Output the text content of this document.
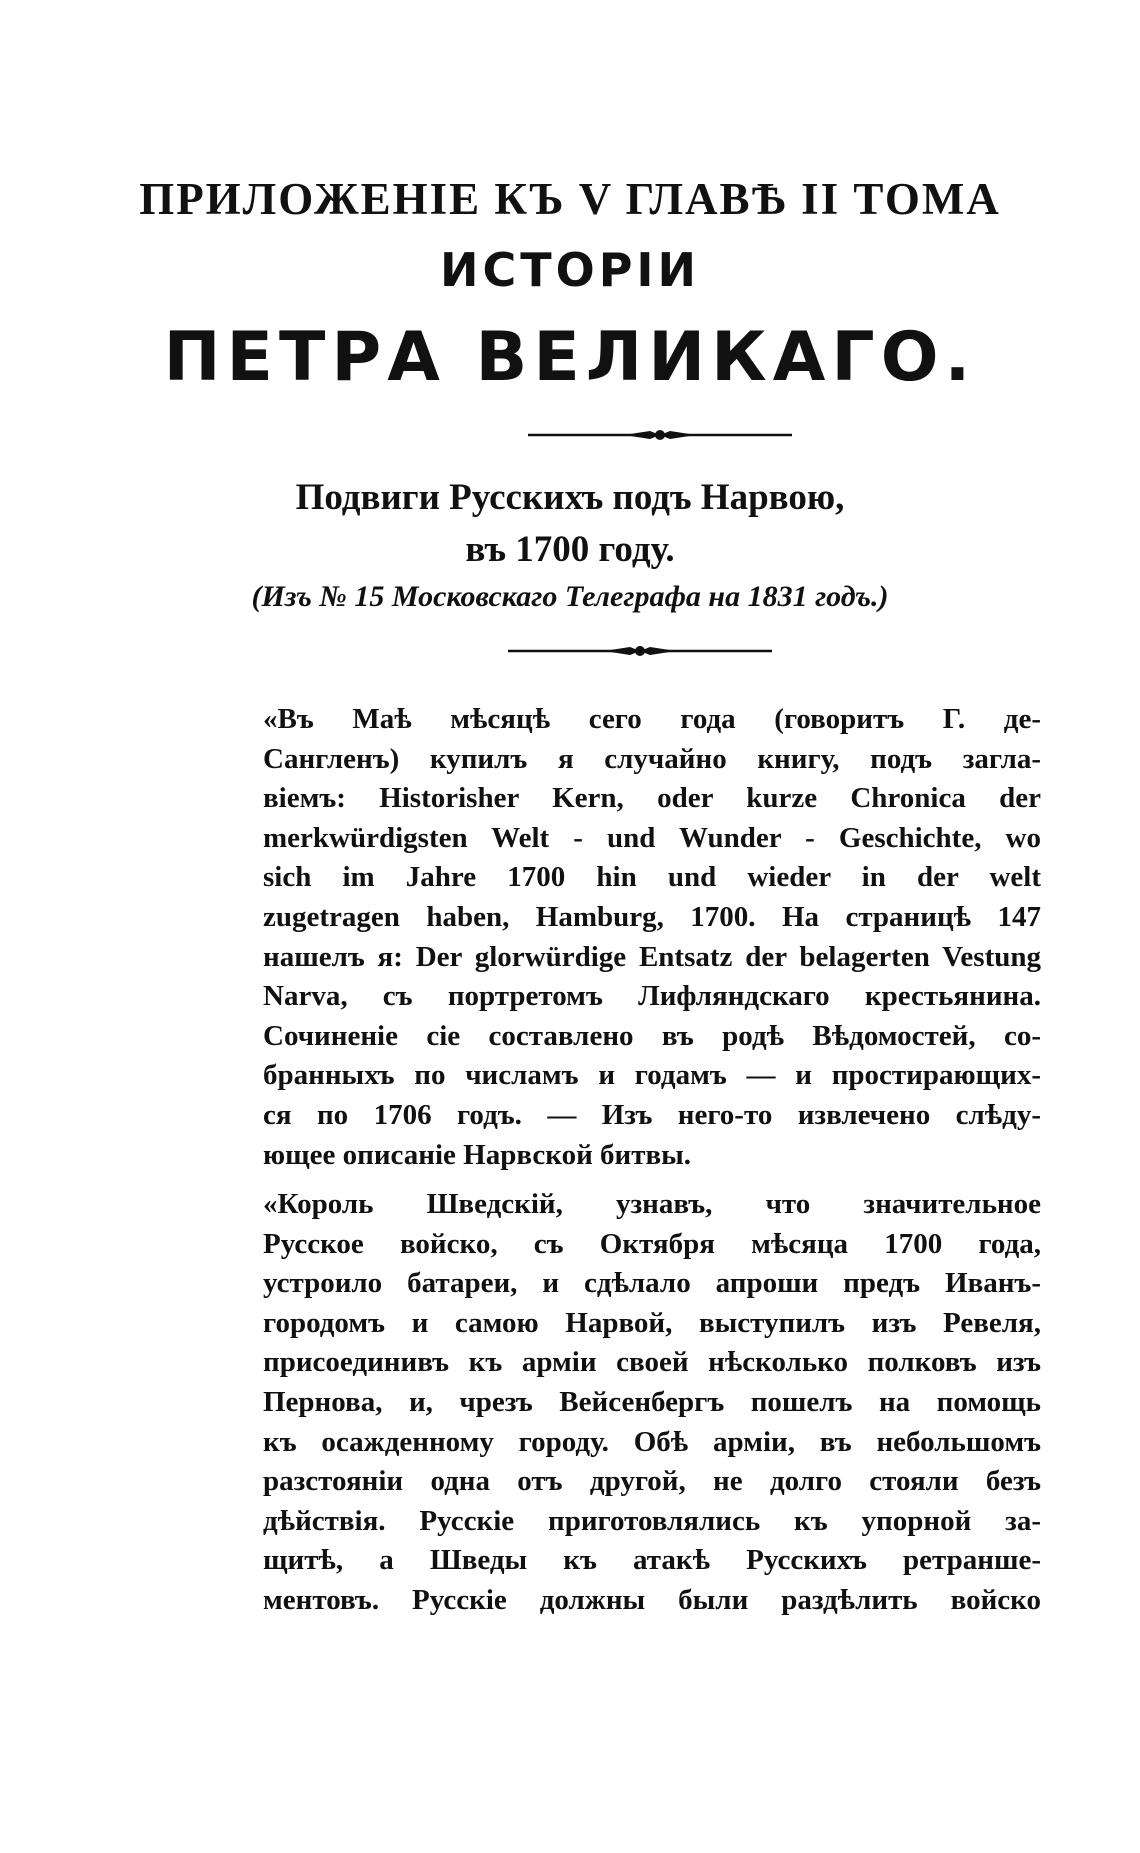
ПРИЛОЖЕНІЕ КЪ V ГЛАВѢ II ТОМА
ИСТОРІИ
ПЕТРА ВЕЛИКАГО.
Подвиги Русскихъ подъ Нарвою,
въ 1700 году.
(Изъ № 15 Московскаго Телеграфа на 1831 годъ.)
«Въ Маѣ мѣсяцѣ сего года (говоритъ Г. де-
Сангленъ) купилъ я случайно книгу, подъ загла-
віемъ: Historisher Kern, oder kurze Chronica der
merkwürdigsten Welt - und Wunder - Geschichte, wo
sich im Jahre 1700 hin und wieder in der welt
zugetragen haben, Hamburg, 1700. На страницѣ 147
нашелъ я: Der glorwürdige Entsatz der belagerten Vestung
Narva, съ портретомъ Лифляндскаго крестьянина.
Сочиненіе сіе составлено въ родѣ Вѣдомостей, со-
бранныхъ по числамъ и годамъ — и простирающих-
ся по 1706 годъ. — Изъ него-то извлечено слѣду-
ющее описаніе Нарвской битвы.
«Король Шведскій, узнавъ, что значительное
Русское войско, съ Октября мѣсяца 1700 года,
устроило батареи, и сдѣлало апроши предъ Иванъ-
городомъ и самою Нарвой, выступилъ изъ Ревеля,
присоединивъ къ арміи своей нѣсколько полковъ изъ
Пернова, и, чрезъ Вейсенбергъ пошелъ на помощь
къ осажденному городу. Обѣ арміи, въ небольшомъ
разстояніи одна отъ другой, не долго стояли безъ
дѣйствія. Русскіе приготовлялись къ упорной за-
щитѣ, а Шведы къ атакѣ Русскихъ ретранше-
ментовъ. Русскіе должны были раздѣлить войско
